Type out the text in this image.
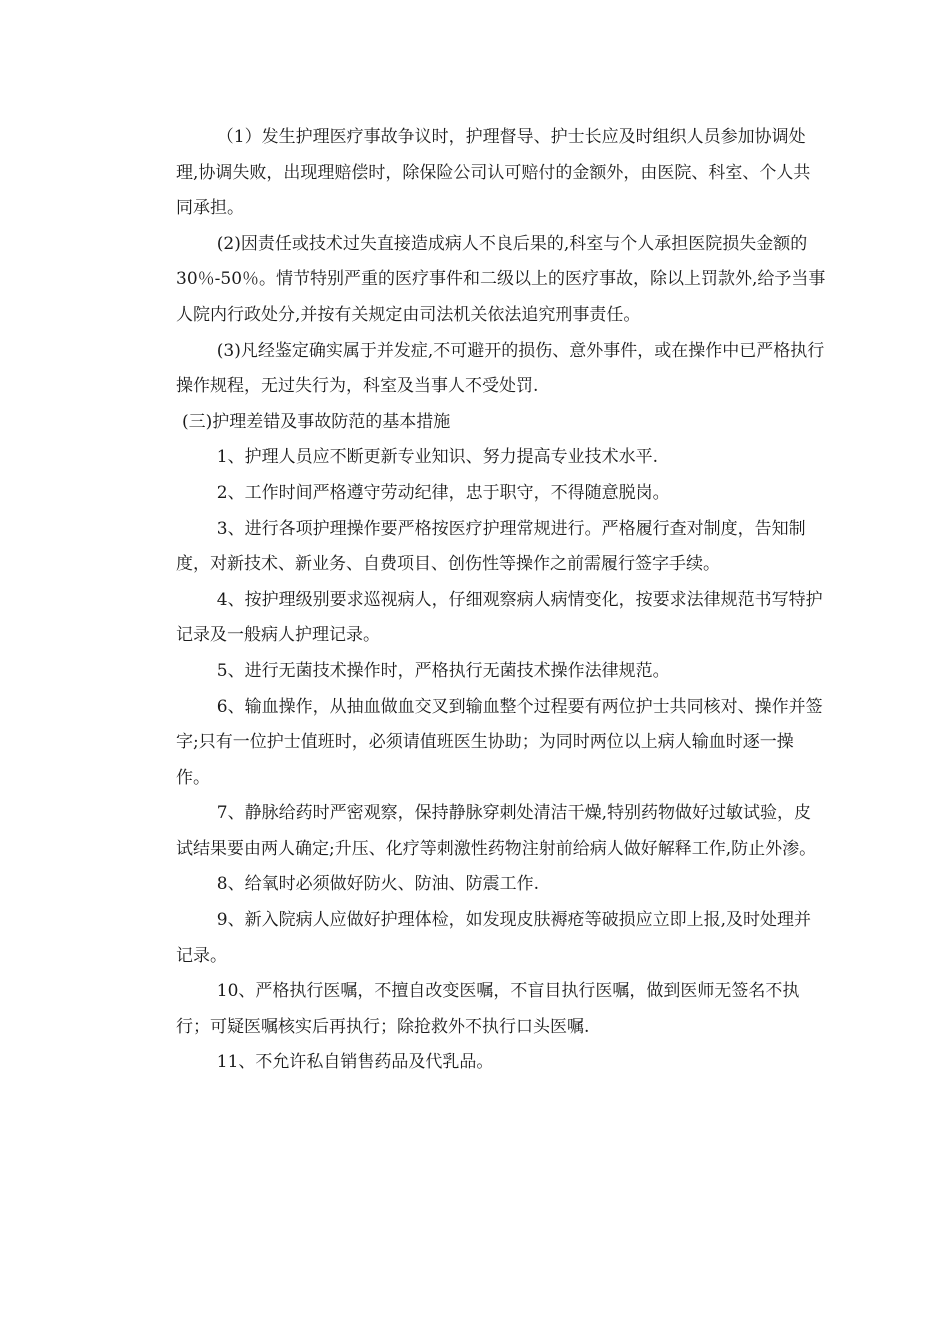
（1）发生护理医疗事故争议时，护理督导、护士长应及时组织人员参加协调处理,协调失败，出现理赔偿时，除保险公司认可赔付的金额外，由医院、科室、个人共同承担。

(2)因责任或技术过失直接造成病人不良后果的,科室与个人承担医院损失金额的30％-50％。情节特别严重的医疗事件和二级以上的医疗事故，除以上罚款外,给予当事人院内行政处分,并按有关规定由司法机关依法追究刑事责任。

(3)凡经鉴定确实属于并发症,不可避开的损伤、意外事件，或在操作中已严格执行操作规程，无过失行为，科室及当事人不受处罚.

(三)护理差错及事故防范的基本措施

1、护理人员应不断更新专业知识、努力提高专业技术水平.

2、工作时间严格遵守劳动纪律，忠于职守，不得随意脱岗。

3、进行各项护理操作要严格按医疗护理常规进行。严格履行查对制度，告知制度，对新技术、新业务、自费项目、创伤性等操作之前需履行签字手续。

4、按护理级别要求巡视病人，仔细观察病人病情变化，按要求法律规范书写特护记录及一般病人护理记录。

5、进行无菌技术操作时，严格执行无菌技术操作法律规范。

6、输血操作，从抽血做血交叉到输血整个过程要有两位护士共同核对、操作并签字;只有一位护士值班时，必须请值班医生协助；为同时两位以上病人输血时逐一操作。

7、静脉给药时严密观察，保持静脉穿刺处清洁干燥,特别药物做好过敏试验，皮试结果要由两人确定;升压、化疗等刺激性药物注射前给病人做好解释工作,防止外渗。

8、给氧时必须做好防火、防油、防震工作.

9、新入院病人应做好护理体检，如发现皮肤褥疮等破损应立即上报,及时处理并记录。

10、严格执行医嘱，不擅自改变医嘱，不盲目执行医嘱，做到医师无签名不执行；可疑医嘱核实后再执行；除抢救外不执行口头医嘱.

11、不允许私自销售药品及代乳品。
